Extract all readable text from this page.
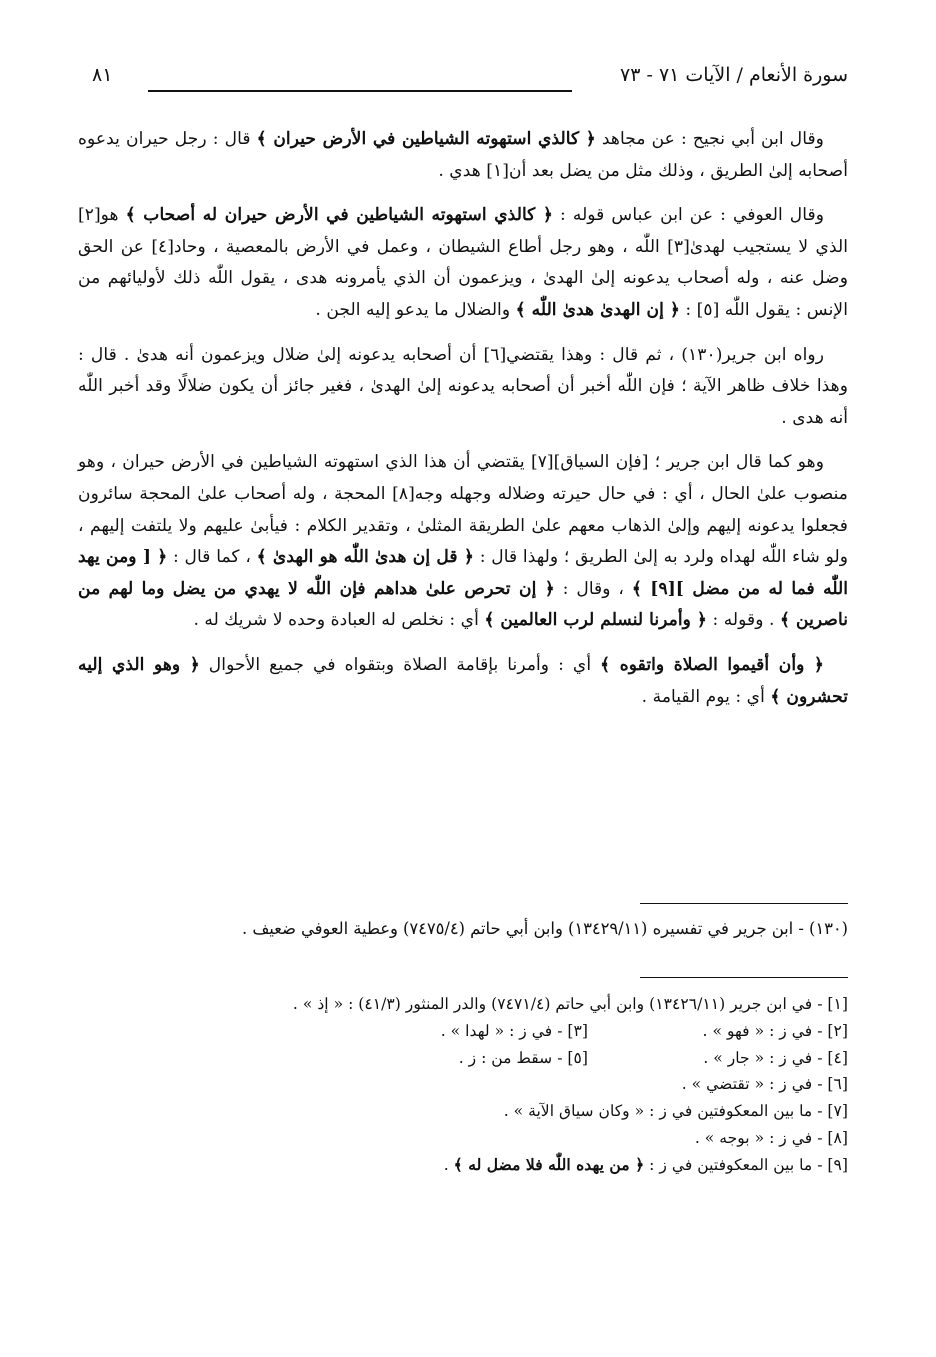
سورة الأنعام / الآيات ٧١ - ٧٣
٨١

وقال ابن أبي نجيح : عن مجاهد ﴿ كالذي استهوته الشياطين في الأرض حيران ﴾ قال : رجل حيران يدعوه أصحابه إلىٰ الطريق ، وذلك مثل من يضل بعد أن[١] هدي .

وقال العوفي : عن ابن عباس قوله : ﴿ كالذي استهوته الشياطين في الأرض حيران له أصحاب ﴾ هو[٢] الذي لا يستجيب لهدىٰ[٣] اللّٰه ، وهو رجل أطاع الشيطان ، وعمل في الأرض بالمعصية ، وحاد[٤] عن الحق وضل عنه ، وله أصحاب يدعونه إلىٰ الهدىٰ ، ويزعمون أن الذي يأمرونه هدى ، يقول اللّٰه ذلك لأوليائهم من الإنس : يقول اللّٰه [٥] : ﴿ إن الهدىٰ هدىٰ اللّٰه ﴾ والضلال ما يدعو إليه الجن .

رواه ابن جرير(١٣٠) ، ثم قال : وهذا يقتضي[٦] أن أصحابه يدعونه إلىٰ ضلال ويزعمون أنه هدىٰ . قال : وهذا خلاف ظاهر الآية ؛ فإن اللّٰه أخبر أن أصحابه يدعونه إلىٰ الهدىٰ ، فغير جائز أن يكون ضلالًا وقد أخبر اللّٰه أنه هدى .

وهو كما قال ابن جرير ؛ [فإن السياق][٧] يقتضي أن هذا الذي استهوته الشياطين في الأرض حيران ، وهو منصوب علىٰ الحال ، أي : في حال حيرته وضلاله وجهله وجه[٨] المحجة ، وله أصحاب علىٰ المحجة سائرون فجعلوا يدعونه إليهم وإلىٰ الذهاب معهم علىٰ الطريقة المثلىٰ ، وتقدير الكلام : فيأبىٰ عليهم ولا يلتفت إليهم ، ولو شاء اللّٰه لهداه ولرد به إلىٰ الطريق ؛ ولهذا قال : ﴿ قل إن هدىٰ اللّٰه هو الهدىٰ ﴾ ، كما قال : ﴿ [ ومن يهد اللّٰه فما له من مضل ][٩] ﴾ ، وقال : ﴿ إن تحرص علىٰ هداهم فإن اللّٰه لا يهدي من يضل وما لهم من ناصرين ﴾ . وقوله : ﴿ وأمرنا لنسلم لرب العالمين ﴾ أي : نخلص له العبادة وحده لا شريك له .

﴿ وأن أقيموا الصلاة واتقوه ﴾ أي : وأمرنا بإقامة الصلاة وبتقواه في جميع الأحوال ﴿ وهو الذي إليه تحشرون ﴾ أي : يوم القيامة .

(١٣٠) - ابن جرير في تفسيره (١٣٤٢٩/١١) وابن أبي حاتم (٧٤٧٥/٤) وعطية العوفي ضعيف .
[١] - في ابن جرير (١٣٤٢٦/١١) وابن أبي حاتم (٧٤٧١/٤) والدر المنثور (٤١/٣) : « إذ » .
[٢] - في ز : « فهو » .
[٣] - في ز : « لهدا » .
[٤] - في ز : « جار » .
[٥] - سقط من : ز .
[٦] - في ز : « تقتضي » .
[٧] - ما بين المعكوفتين في ز : « وكان سياق الآية » .
[٨] - في ز : « بوجه » .
[٩] - ما بين المعكوفتين في ز : ﴿ من يهده اللّٰه فلا مضل له ﴾ .
